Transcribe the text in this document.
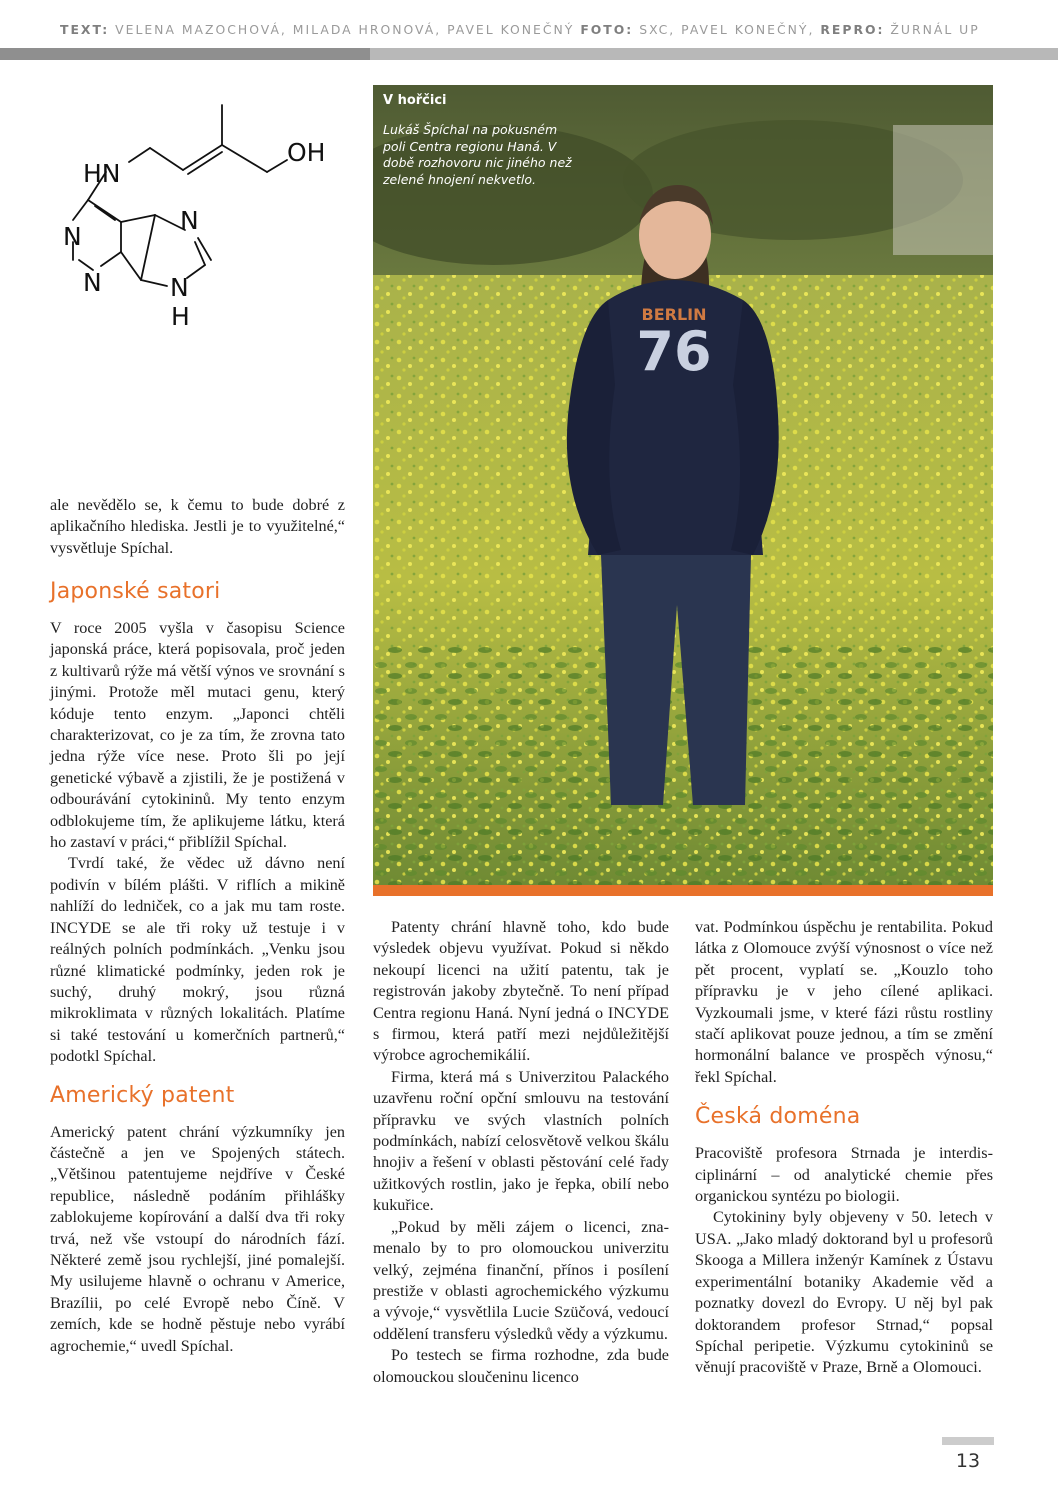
TEXT: VELENA MAZOCHOVÁ, MILADA HRONOVÁ, PAVEL KONEČNÝ FOTO: SXC, PAVEL KONEČNÝ, REPRO: ŽURNÁL UP
HN
OH
N
N
N
N
H

ale nevědělo se, k čemu to bude dobré z aplikačního hlediska. Jestli je to využitelné,“ vysvětluje Spíchal.

Japonské satori

V roce 2005 vyšla v časopisu Science japonská práce, která popisovala, proč jeden z kultivarů rýže má větší výnos ve srovnání s jinými. Protože měl mutaci genu, který kóduje tento enzym. „Japonci chtěli charakterizovat, co je za tím, že zrovna tato jedna rýže více nese. Proto šli po její genetické výbavě a zjistili, že je postižená v odbourávání cytokininů. My tento enzym odblokujeme tím, že aplikujeme látku, která ho zastaví v práci,“ přiblížil Spíchal.

Tvrdí také, že vědec už dávno není podivín v bílém plášti. V riflích a mikině nahlíží do ledniček, co a jak mu tam roste. INCYDE se ale tři roky už testuje i v reálných polních podmínkách. „Venku jsou různé klimatické podmínky, jeden rok je suchý, druhý mokrý, jsou různá mikroklimata v různých lokalitách. Platíme si také testování u komerčních partnerů,“ podotkl Spíchal.

Americký patent

Americký patent chrání výzkumníky jen částečně a jen ve Spojených státech. „Většinou patentujeme nejdříve v České republice, následně podáním přihlášky zablokujeme kopírování a další dva tři roky trvá, než vše vstoupí do národních fází. Některé země jsou rychlejší, jiné pomalejší. My usilujeme hlavně o ochranu v Americe, Brazílii, po celé Evropě nebo Číně. V zemích, kde se hodně pěstuje nebo vyrábí agrochemie,“ uvedl Spíchal.

BERLIN
76
V hořčici
Lukáš Špíchal na pokusném poli Centra regionu Haná. V době rozhovoru nic jiného než zelené hnojení nekvetlo.

Patenty chrání hlavně toho, kdo bude výsledek objevu využívat. Pokud si někdo nekoupí licenci na užití patentu, tak je registrován jakoby zbytečně. To není případ Centra regionu Haná. Nyní jedná o INCYDE s firmou, která patří mezi nejdůležitější výrobce agrochemikálií.

Firma, která má s Univerzitou Palackého uzavřenu roční opční smlouvu na testování přípravku ve svých vlastních polních podmínkách, nabízí celosvětově velkou škálu hnojiv a řešení v oblasti pěstování celé řady užitkových rostlin, jako je řepka, obilí nebo kukuřice.

„Pokud by měli zájem o licenci, znamenalo by to pro olomouckou univerzitu velký, zejména finanční, přínos i posílení prestiže v oblasti agrochemického výzkumu a vývoje,“ vysvětlila Lucie Szüčová, vedoucí oddělení transferu výsledků vědy a výzkumu.

Po testech se firma rozhodne, zda bude olomouckou sloučeninu licenco

vat. Podmínkou úspěchu je rentabilita. Pokud látka z Olomouce zvýší výnosnost o více než pět procent, vyplatí se. „Kouzlo toho přípravku je v jeho cílené aplikaci. Vyzkoumali jsme, v které fázi růstu rostliny stačí aplikovat pouze jednou, a tím se změní hormonální balance ve prospěch výnosu,“ řekl Spíchal.

Česká doména

Pracoviště profesora Strnada je interdisciplinární – od analytické chemie přes organickou syntézu po biologii.

Cytokininy byly objeveny v 50. letech v USA. „Jako mladý doktorand byl u profesorů Skooga a Millera inženýr Kamínek z Ústavu experimentální botaniky Akademie věd a poznatky dovezl do Evropy. U něj byl pak doktorandem profesor Strnad,“ popsal Spíchal peripetie. Výzkumu cytokininů se věnují pracoviště v Praze, Brně a Olomouci.

13
